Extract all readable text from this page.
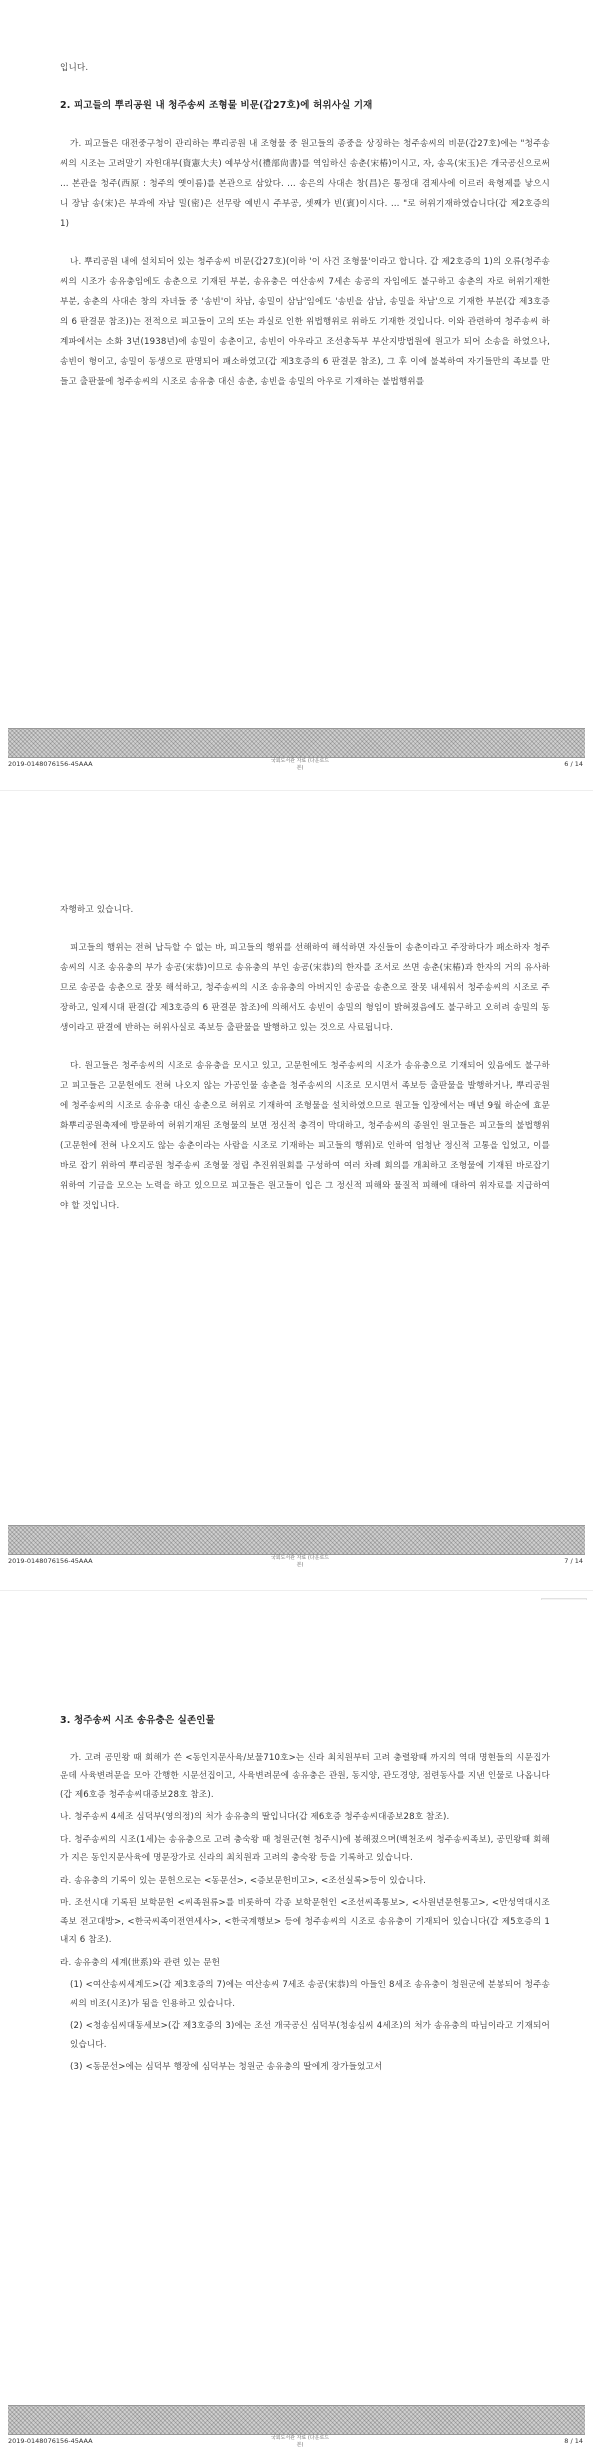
입니다.

2. 피고들의 뿌리공원 내 청주송씨 조형물 비문(갑27호)에 허위사실 기재

가. 피고들은 대전중구청이 관리하는 뿌리공원 내 조형물 중 원고들의 종중을 상징하는 청주송씨의 비문(갑27호)에는 "청주송씨의 시조는 고려말기 자헌대부(資憲大夫) 예부상서(禮部尙書)를 역임하신 송춘(宋椿)이시고, 자, 송옥(宋玉)은 개국공신으로써 … 본관을 청주(西原 : 청주의 옛이름)를 본관으로 삼았다. … 송은의 사대손 창(昌)은 통정대 겸제사에 이르러 육형제를 낳으시니 장남 송(宋)은 부과에 자남 밀(密)은 선무랑 예빈시 주부공, 셋째가 빈(賓)이시다. … "로 허위기재하였습니다(갑 제2호증의 1)

나. 뿌리공원 내에 설치되어 있는 청주송씨 비문(갑27호)(이하 '이 사건 조형물'이라고 합니다. 갑 제2호증의 1)의 오류(청주송씨의 시조가 송유충임에도 송춘으로 기재된 부분, 송유충은 여산송씨 7세손 송공의 자임에도 불구하고 송춘의 자로 허위기재한 부분, 송춘의 사대손 창의 자녀들 중 '송빈'이 차남, 송밀이 삼남'임에도 '송빈을 삼남, 송밀을 차남'으로 기재한 부분(갑 제3호증의 6 판결문 참조))는 전적으로 피고들이 고의 또는 과실로 인한 위법행위로 위하도 기재한 것입니다. 이와 관련하여 청주송씨 하계파에서는 소화 3년(1938년)에 송밀이 송춘이고, 송빈이 아우라고 조선총독부 부산지방법원에 원고가 되어 소송을 하였으나, 송빈이 형이고, 송밀이 동생으로 판명되어 패소하였고(갑 제3호증의 6 판결문 참조), 그 후 이에 불복하여 자기들만의 족보를 만들고 출판물에 청주송씨의 시조로 송유충 대신 송춘, 송빈을 송밀의 아우로 기재하는 불법행위를

2019-0148076156-45AAA	국회도서관 자료 (다운로드 본)	6 / 14

자행하고 있습니다.

피고들의 행위는 전혀 납득할 수 없는 바, 피고들의 행위를 선해하여 해석하면 자신들이 송춘이라고 주장하다가 패소하자 청주송씨의 시조 송유충의 부가 송공(宋恭)이므로 송유충의 부인 송공(宋恭)의 한자를 조서로 쓰면 송춘(宋椿)과 한자의 거의 유사하므로 송공을 송춘으로 잘못 해석하고, 청주송씨의 시조 송유충의 아버지인 송공을 송춘으로 잘못 내세워서 청주송씨의 시조로 주장하고, 일제시대 판결(갑 제3호증의 6 판결문 참조)에 의해서도 송빈이 송밀의 형임이 밝혀졌음에도 불구하고 오히려 송밀의 동생이라고 판결에 반하는 허위사실로 족보등 출판물을 발행하고 있는 것으로 사료됩니다.

다. 원고들은 청주송씨의 시조로 송유충을 모시고 있고, 고문헌에도 청주송씨의 시조가 송유충으로 기재되어 있음에도 불구하고 피고들은 고문헌에도 전혀 나오지 않는 가공인물 송춘을 청주송씨의 시조로 모시면서 족보등 출판물을 발행하거나, 뿌리공원에 청주송씨의 시조로 송유충 대신 송춘으로 허위로 기재하여 조형물을 설치하였으므로 원고들 입장에서는 매년 9월 하순에 효문화뿌리공원축제에 방문하여 허위기재된 조형물의 보면 정신적 충격이 막대하고, 청주송씨의 종원인 원고들은 피고들의 불법행위(고문헌에 전혀 나오지도 않는 송춘이라는 사람을 시조로 기재하는 피고들의 행위)로 인하여 엄청난 정신적 고통을 입었고, 이를 바로 잡기 위하여 뿌리공원 청주송씨 조형물 정립 추진위원회를 구성하여 여러 차례 회의를 개최하고 조형물에 기재된 바로잡기 위하여 기금을 모으는 노력을 하고 있으므로 피고들은 원고들이 입은 그 정신적 피해와 물질적 피해에 대하여 위자료를 지급하여야 할 것입니다.

2019-0148076156-45AAA	국회도서관 자료 (다운로드 본)	7 / 14

3. 청주송씨 시조 송유충은 실존인물

가. 고려 공민왕 때 회해가 쓴 <동인지문사육/보물710호>는 신라 최치원부터 고려 충렬왕때 까지의 역대 명현들의 시문집가운데 사육변려문을 모아 간행한 시문선집이고, 사육변려문에 송유충은 관원, 동지양, 관도경양, 점련동사를 지낸 인물로 나옵니다(갑 제6호증 청주송씨대종보28호 참조).

나. 청주송씨 4세조 심덕부(영의정)의 처가 송유충의 딸입니다(갑 제6호증 청주송씨대종보28호 참조).

다. 청주송씨의 시조(1세)는 송유충으로 고려 충숙왕 때 청원군(현 청주시)에 봉해졌으며(백천조씨 청주송씨족보), 공민왕때 회해가 지은 동인지문사육에 명문장가로 신라의 최치원과 고려의 충숙왕 등을 기록하고 있습니다.

라. 송유충의 기록이 있는 문헌으로는 <동문선>, <증보문헌비고>, <조선실록>등이 있습니다.

마. 조선시대 기록된 보학문헌 <씨족원류>를 비롯하여 각종 보학문헌인 <조선씨족통보>, <사원년문헌통고>, <만성역대시조족보 전고대방>, <한국씨족이전연세사>, <한국계행보> 등에 청주송씨의 시조로 송유충이 기재되어 있습니다(갑 제5호증의 1 내지 6 참조).

라. 송유충의 세계(世系)와 관련 있는 문헌

(1) <여산송씨세계도>(갑 제3호증의 7)에는 여산송씨 7세조 송공(宋恭)의 아들인 8세조 송유충이 청원군에 분봉되어 청주송씨의 비조(시조)가 됨을 인용하고 있습니다.

(2) <청송심씨대동세보>(갑 제3호증의 3)에는 조선 개국공신 심덕부(청송심씨 4세조)의 처가 송유충의 따님이라고 기재되어 있습니다.

(3) <동문선>에는 심덕부 행장에 심덕부는 청원군 송유충의 딸에게 장가들었고서

2019-0148076156-45AAA	국회도서관 자료 (다운로드 본)	8 / 14
